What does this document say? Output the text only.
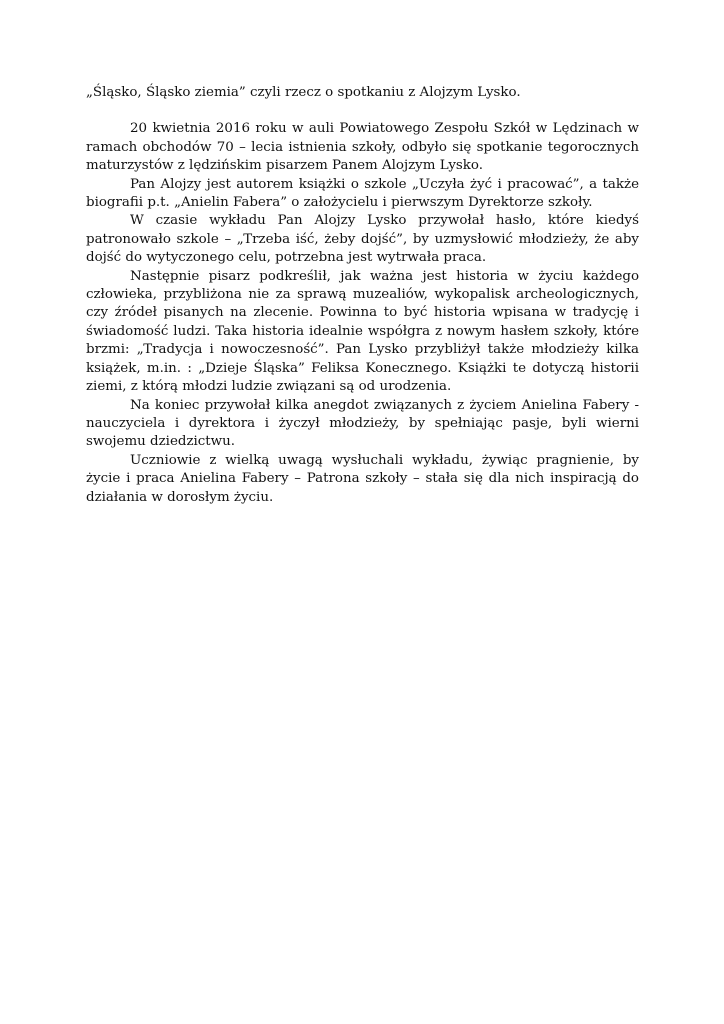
„Śląsko, Śląsko ziemia” czyli rzecz o spotkaniu z Alojzym Lysko.

20 kwietnia 2016 roku w auli Powiatowego Zespołu Szkół w Lędzinach w ramach obchodów 70 – lecia istnienia szkoły, odbyło się spotkanie tegorocznych maturzystów z lędzińskim pisarzem Panem Alojzym Lysko.

Pan Alojzy jest autorem książki o szkole „Uczyła żyć i pracować”, a także biografii p.t. „Anielin Fabera” o założycielu i pierwszym Dyrektorze szkoły.

W czasie wykładu Pan Alojzy Lysko przywołał hasło, które kiedyś patronowało szkole – „Trzeba iść, żeby dojść”, by uzmysłowić młodzieży, że aby dojść do wytyczonego celu, potrzebna jest wytrwała praca.

Następnie pisarz podkreślił, jak ważna jest historia w życiu każdego człowieka, przybliżona nie za sprawą muzealiów, wykopalisk archeologicznych, czy źródeł pisanych na zlecenie. Powinna to być historia wpisana w tradycję i świadomość ludzi. Taka historia idealnie współgra z nowym hasłem szkoły, które brzmi: „Tradycja i nowoczesność”. Pan Lysko przybliżył także młodzieży kilka książek, m.in. : „Dzieje Śląska” Feliksa Konecznego. Książki te dotyczą historii ziemi, z którą młodzi ludzie związani są od urodzenia.

Na koniec przywołał kilka anegdot związanych z życiem Anielina Fabery - nauczyciela i dyrektora i życzył młodzieży, by spełniając pasje, byli wierni swojemu dziedzictwu.

Uczniowie z wielką uwagą wysłuchali wykładu, żywiąc pragnienie, by życie i praca Anielina Fabery – Patrona szkoły – stała się dla nich inspiracją do działania w dorosłym życiu.
